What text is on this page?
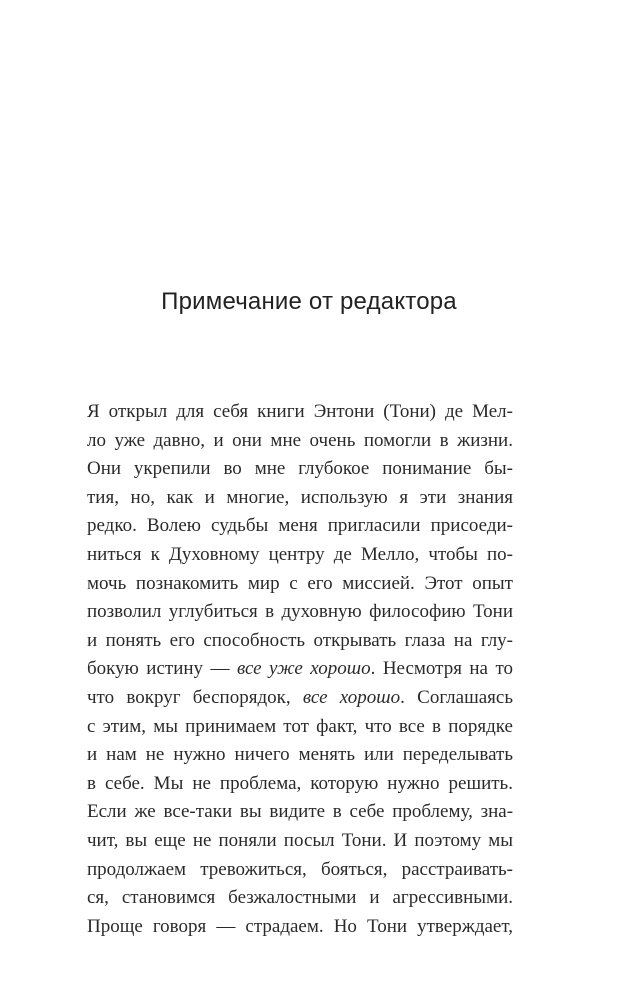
Примечание от редактора
Я открыл для себя книги Энтони (Тони) де Мел-
ло уже давно, и они мне очень помогли в жизни.
Они укрепили во мне глубокое понимание бы-
тия, но, как и многие, использую я эти знания
редко. Волею судьбы меня пригласили присоеди-
ниться к Духовному центру де Мелло, чтобы по-
мочь познакомить мир с его миссией. Этот опыт
позволил углубиться в духовную философию Тони
и понять его способность открывать глаза на глу-
бокую истину — все уже хорошо. Несмотря на то
что вокруг беспорядок, все хорошо. Соглашаясь
с этим, мы принимаем тот факт, что все в порядке
и нам не нужно ничего менять или переделывать
в себе. Мы не проблема, которую нужно решить.
Если же все-таки вы видите в себе проблему, зна-
чит, вы еще не поняли посыл Тони. И поэтому мы
продолжаем тревожиться, бояться, расстраивать-
ся, становимся безжалостными и агрессивными.
Проще говоря — страдаем. Но Тони утверждает,
